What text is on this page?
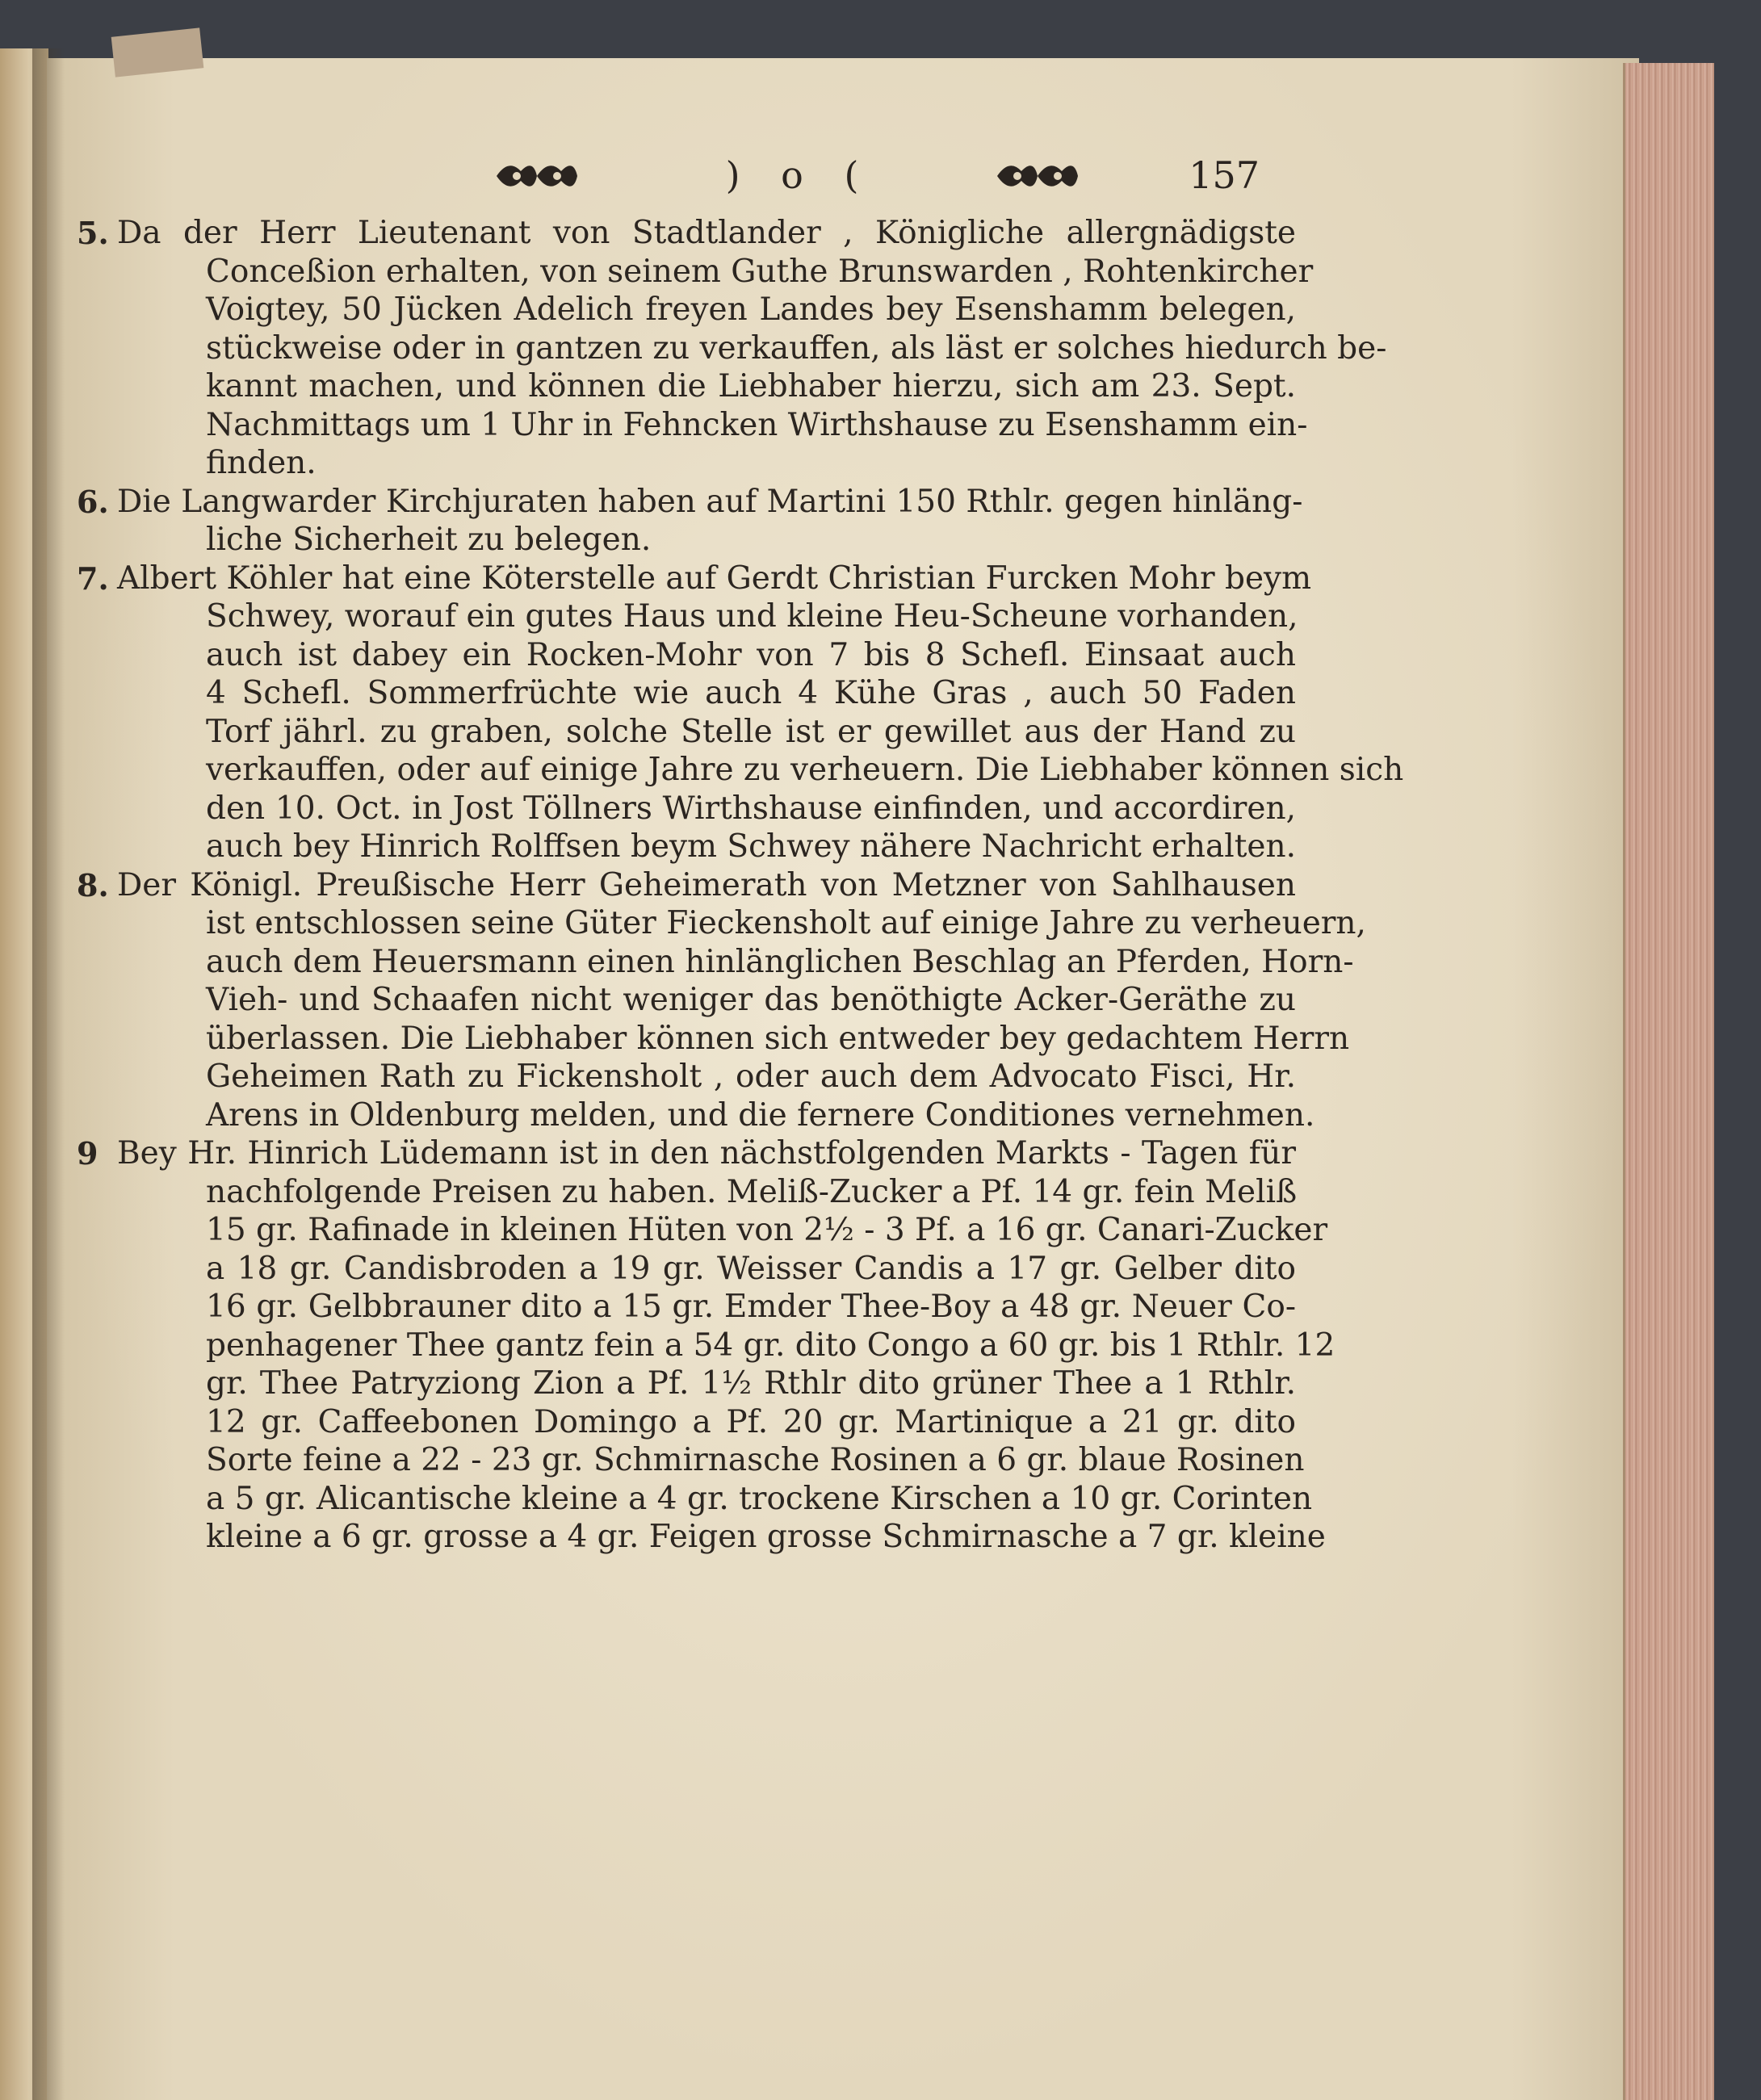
) o (	157
5. Da der Herr Lieutenant von Stadtlander , Königliche allergnädigste
Conceßion erhalten, von seinem Guthe Brunswarden , Rohtenkircher
Voigtey, 50 Jücken Adelich freyen Landes bey Esenshamm belegen,
stückweise oder in gantzen zu verkauffen, als läst er solches hiedurch be-
kannt machen, und können die Liebhaber hierzu, sich am 23. Sept.
Nachmittags um 1 Uhr in Fehncken Wirthshause zu Esenshamm ein-
finden.
6. Die Langwarder Kirchjuraten haben auf Martini 150 Rthlr. gegen hinläng-
liche Sicherheit zu belegen.
7. Albert Köhler hat eine Köterstelle auf Gerdt Christian Furcken Mohr beym
Schwey, worauf ein gutes Haus und kleine Heu-Scheune vorhanden,
auch ist dabey ein Rocken-Mohr von 7 bis 8 Schefl. Einsaat auch
4 Schefl. Sommerfrüchte wie auch 4 Kühe Gras , auch 50 Faden
Torf jährl. zu graben, solche Stelle ist er gewillet aus der Hand zu
verkauffen, oder auf einige Jahre zu verheuern. Die Liebhaber können sich
den 10. Oct. in Jost Töllners Wirthshause einfinden, und accordiren,
auch bey Hinrich Rolffsen beym Schwey nähere Nachricht erhalten.
8. Der Königl. Preußische Herr Geheimerath von Metzner von Sahlhausen
ist entschlossen seine Güter Fieckensholt auf einige Jahre zu verheuern,
auch dem Heuersmann einen hinlänglichen Beschlag an Pferden, Horn-
Vieh- und Schaafen nicht weniger das benöthigte Acker-Geräthe zu
überlassen. Die Liebhaber können sich entweder bey gedachtem Herrn
Geheimen Rath zu Fickensholt , oder auch dem Advocato Fisci, Hr.
Arens in Oldenburg melden, und die fernere Conditiones vernehmen.
9 Bey Hr. Hinrich Lüdemann ist in den nächstfolgenden Markts - Tagen für
nachfolgende Preisen zu haben. Meliß-Zucker a Pf. 14 gr. fein Meliß
15 gr. Rafinade in kleinen Hüten von 2½ - 3 Pf. a 16 gr. Canari-Zucker
a 18 gr. Candisbroden a 19 gr. Weisser Candis a 17 gr. Gelber dito
16 gr. Gelbbrauner dito a 15 gr. Emder Thee-Boy a 48 gr. Neuer Co-
penhagener Thee gantz fein a 54 gr. dito Congo a 60 gr. bis 1 Rthlr. 12
gr. Thee Patryziong Zion a Pf. 1½ Rthlr dito grüner Thee a 1 Rthlr.
12 gr. Caffeebonen Domingo a Pf. 20 gr. Martinique a 21 gr. dito
Sorte feine a 22 - 23 gr. Schmirnasche Rosinen a 6 gr. blaue Rosinen
a 5 gr. Alicantische kleine a 4 gr. trockene Kirschen a 10 gr. Corinten
kleine a 6 gr. grosse a 4 gr. Feigen grosse Schmirnasche a 7 gr. kleine
